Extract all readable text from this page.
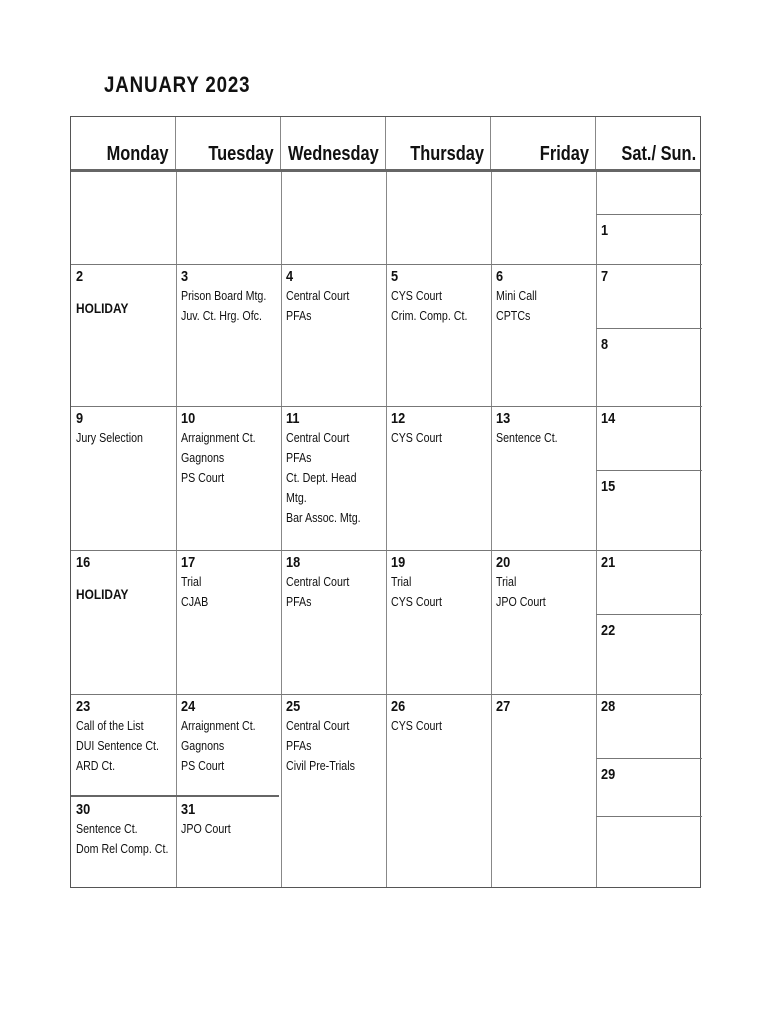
JANUARY 2023
Monday Tuesday Wednesday Thursday	Friday Sat./ Sun.
1
2
HOLIDAY
3
Prison Board Mtg.
Juv. Ct. Hrg. Ofc.
4
Central Court
PFAs
5
CYS Court
Crim. Comp. Ct.
6
Mini Call
CPTCs
7
8
9
Jury Selection
10
Arraignment Ct.
Gagnons
PS Court
11
Central Court
PFAs
Ct. Dept. Head
Mtg.
Bar Assoc. Mtg.
12
CYS Court
13
Sentence Ct.
14
15
16
HOLIDAY
17
Trial
CJAB
18
Central Court
PFAs
19
Trial
CYS Court
20
Trial
JPO Court
21
22
23
Call of the List
DUI Sentence Ct.
ARD Ct.
24
Arraignment Ct.
Gagnons
PS Court
25
Central Court
PFAs
Civil Pre-Trials
26
CYS Court
27	28
29
30
Sentence Ct.
Dom Rel Comp. Ct.
31
JPO Court
